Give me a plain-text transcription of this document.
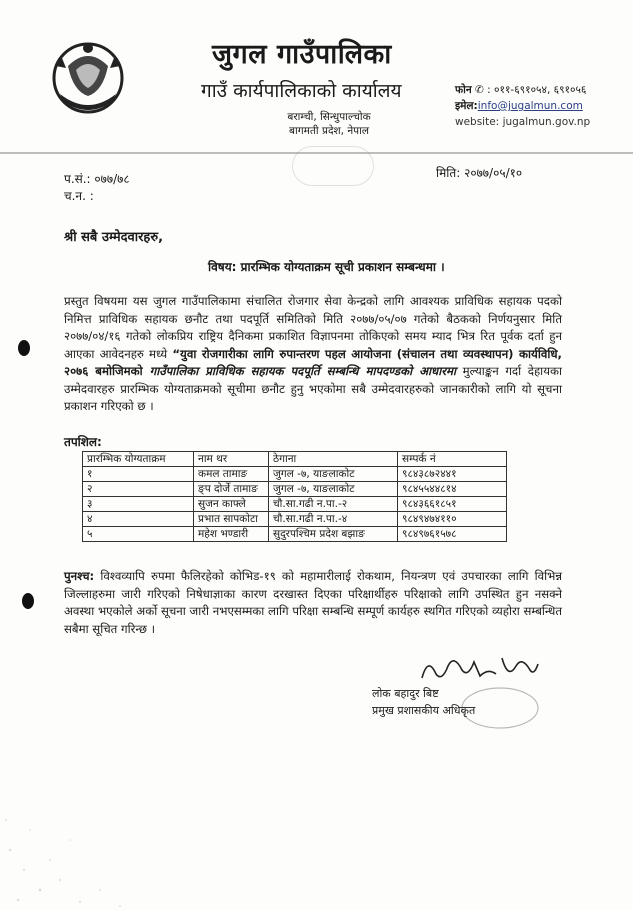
जुगल गाउँपालिका
गाउँ कार्यपालिकाको कार्यालय
बराम्ची, सिन्धुपाल्चोक
बागमती प्रदेश, नेपाल
फोन ✆ : ०११-६९१०५४, ६९१०५६
इमेल:info@jugalmun.com
website: jugalmun.gov.np
प.सं.: ०७७/७८
च.न. :
मिति: २०७७/०५/१०
श्री सबै उम्मेदवारहरु,
विषय: प्रारम्भिक योग्यताक्रम सूची प्रकाशन सम्बन्धमा ।
प्रस्तुत विषयमा यस जुगल गाउँपालिकामा संचालित रोजगार सेवा केन्द्रको लागि आवश्यक प्राविधिक सहायक पदको निमित्त प्राविधिक सहायक छनौट तथा पदपूर्ति समितिको मिति २०७७/०५/०७ गतेको बैठकको निर्णयनुसार मिति २०७७/०४/१६ गतेको लोकप्रिय राष्ट्रिय दैनिकमा प्रकाशित विज्ञापनमा तोकिएको समय म्याद भित्र रित पूर्वक दर्ता हुन आएका आवेदनहरु मध्ये “युवा रोजगारीका लागि रुपान्तरण पहल आयोजना (संचालन तथा व्यवस्थापन) कार्यविधि, २०७६ बमोजिमको गाउँपालिका प्राविधिक सहायक पदपूर्ति सम्बन्धि मापदण्डको आधारमा मुल्याङ्कन गर्दा देहायका उम्मेदवारहरु प्रारम्भिक योग्यताक्रमको सूचीमा छनौट हुनु भएकोमा सबै उम्मेदवारहरुको जानकारीको लागि यो सूचना प्रकाशन गरिएको छ ।
तपशिल:
प्रारम्भिक योग्यताक्रम	नाम थर	ठेगाना	सम्पर्क नं
१	कमल तामाङ	जुगल -७, याङलाकोट	९८४३८७२४४१
२	ङ्प दोर्जे तामाङ	जुगल -७, याङलाकोट	९८४५५४४८१४
३	सुजन काफ्ले	चौ.सा.गढी न.पा.-२	९८४३६६१८५१
४	प्रभात सापकोटा	चौ.सा.गढी न.पा.-४	९८४९४७४११०
५	महेश भण्डारी	सुदुरपश्चिम प्रदेश बझाङ	९८४९७६१५७८
पुनश्च: विश्वव्यापि रुपमा फैलिरहेको कोभिड-१९ को महामारीलाई रोकथाम, नियन्त्रण एवं उपचारका लागि विभिन्न जिल्लाहरुमा जारी गरिएको निषेधाज्ञाका कारण दरखास्त दिएका परिक्षार्थीहरु परिक्षाको लागि उपस्थित हुन नसक्ने अवस्था भएकोले अर्को सूचना जारी नभएसम्मका लागि परिक्षा सम्बन्धि सम्पूर्ण कार्यहरु स्थगित गरिएको व्यहोरा सम्बन्धित सबैमा सूचित गरिन्छ ।
लोक बहादुर बिष्ट
प्रमुख प्रशासकीय अधिकृत
